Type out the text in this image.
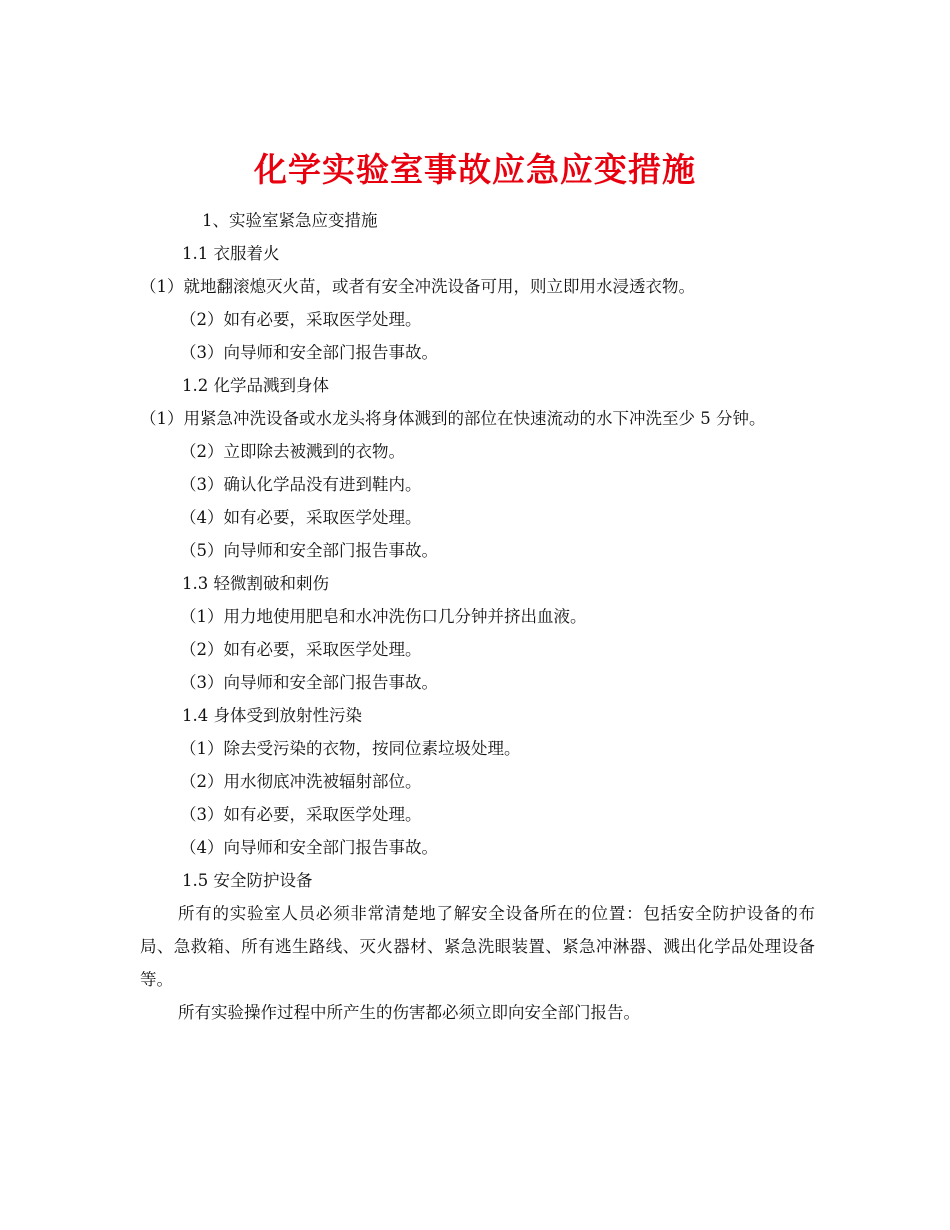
化学实验室事故应急应变措施

1、实验室紧急应变措施

1.1 衣服着火

（1）就地翻滚熄灭火苗，或者有安全冲洗设备可用，则立即用水浸透衣物。

（2）如有必要，采取医学处理。

（3）向导师和安全部门报告事故。

1.2 化学品溅到身体

（1）用紧急冲洗设备或水龙头将身体溅到的部位在快速流动的水下冲洗至少 5 分钟。

（2）立即除去被溅到的衣物。

（3）确认化学品没有进到鞋内。

（4）如有必要，采取医学处理。

（5）向导师和安全部门报告事故。

1.3 轻微割破和刺伤

（1）用力地使用肥皂和水冲洗伤口几分钟并挤出血液。

（2）如有必要，采取医学处理。

（3）向导师和安全部门报告事故。

1.4 身体受到放射性污染

（1）除去受污染的衣物，按同位素垃圾处理。

（2）用水彻底冲洗被辐射部位。

（3）如有必要，采取医学处理。

（4）向导师和安全部门报告事故。

1.5 安全防护设备

所有的实验室人员必须非常清楚地了解安全设备所在的位置：包括安全防护设备的布局、急救箱、所有逃生路线、灭火器材、紧急洗眼装置、紧急冲淋器、溅出化学品处理设备等。

所有实验操作过程中所产生的伤害都必须立即向安全部门报告。
